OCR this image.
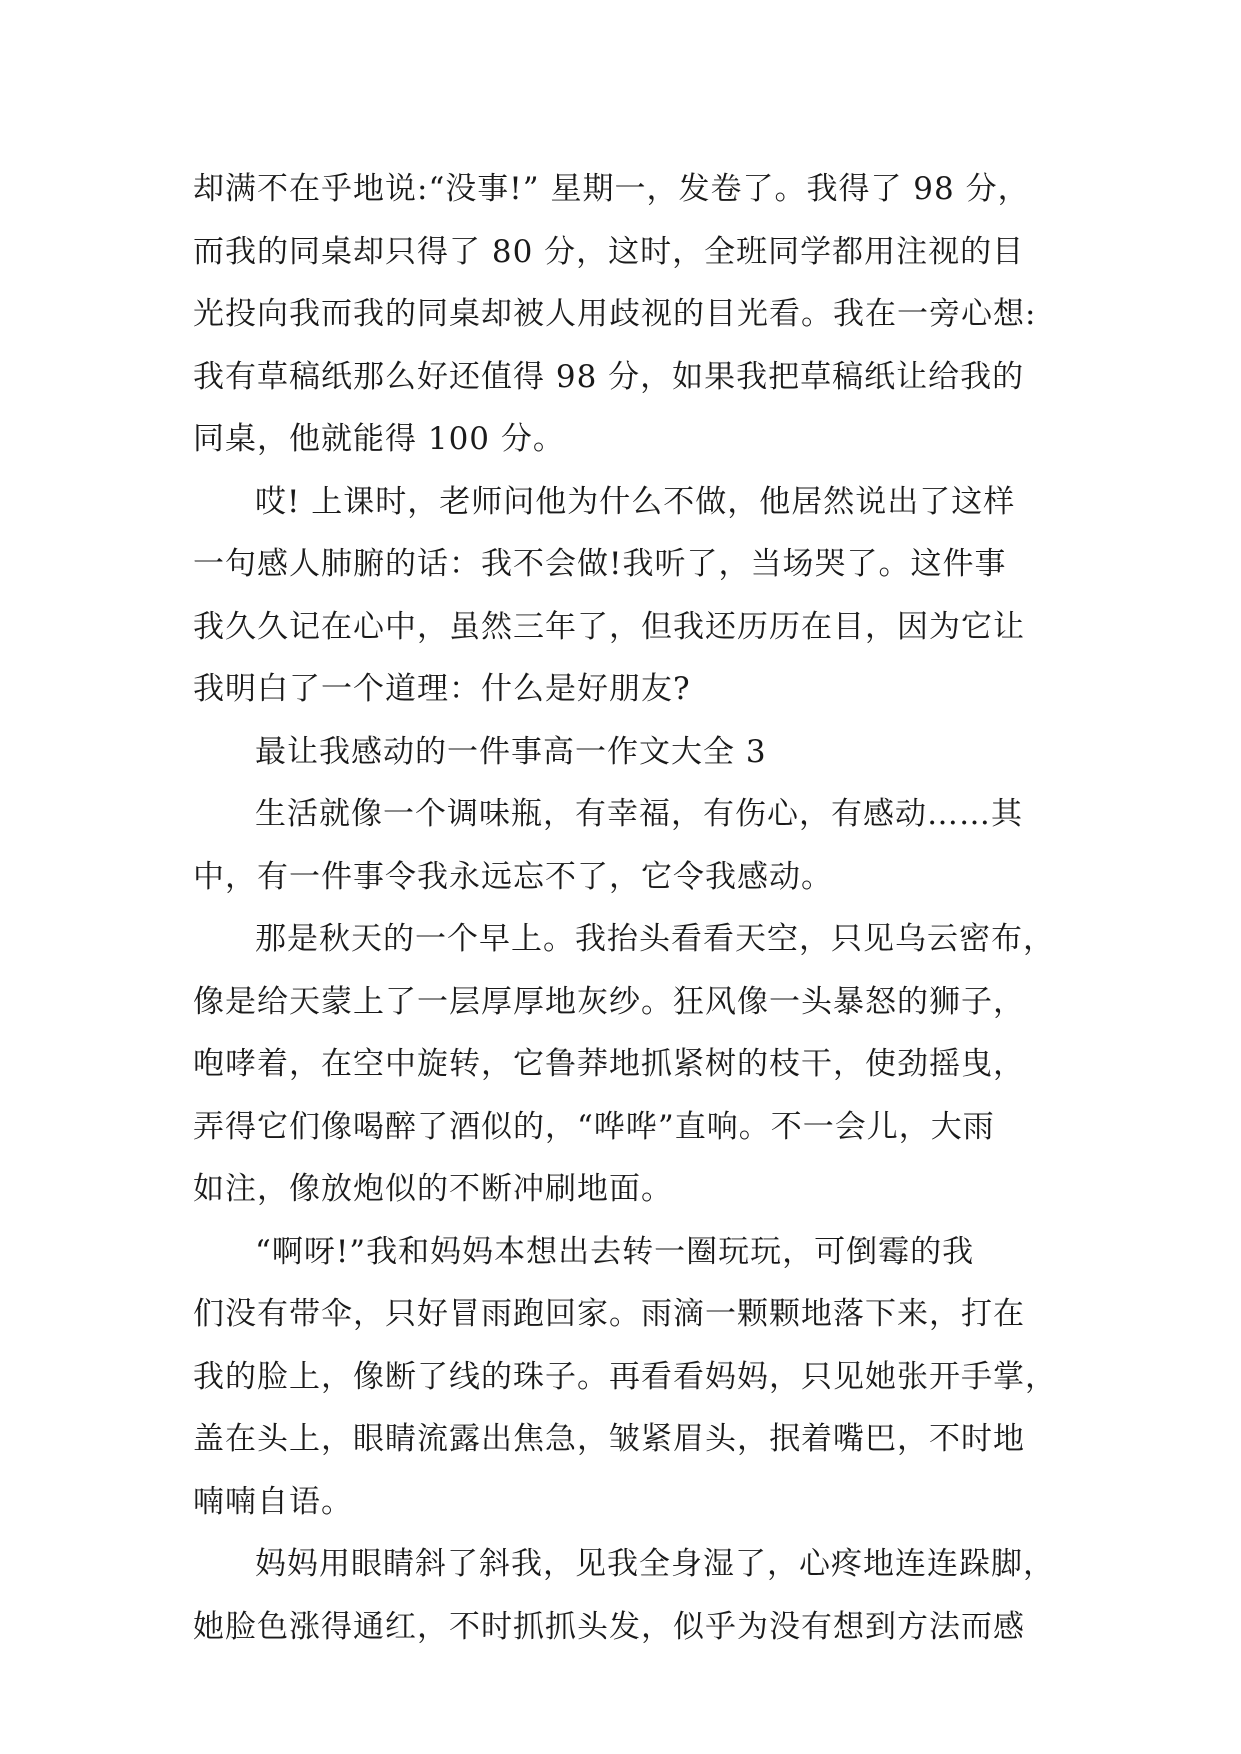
却满不在乎地说:“没事!” 星期一，发卷了。我得了 98 分，
而我的同桌却只得了 80 分，这时，全班同学都用注视的目
光投向我而我的同桌却被人用歧视的目光看。我在一旁心想:
我有草稿纸那么好还值得 98 分，如果我把草稿纸让给我的
同桌，他就能得 100 分。
哎! 上课时，老师问他为什么不做，他居然说出了这样
一句感人肺腑的话：我不会做!我听了，当场哭了。这件事
我久久记在心中，虽然三年了，但我还历历在目，因为它让
我明白了一个道理：什么是好朋友?
最让我感动的一件事高一作文大全 3
生活就像一个调味瓶，有幸福，有伤心，有感动……其
中，有一件事令我永远忘不了，它令我感动。
那是秋天的一个早上。我抬头看看天空，只见乌云密布，
像是给天蒙上了一层厚厚地灰纱。狂风像一头暴怒的狮子，
咆哮着，在空中旋转，它鲁莽地抓紧树的枝干，使劲摇曳，
弄得它们像喝醉了酒似的，“哗哗”直响。不一会儿，大雨
如注，像放炮似的不断冲刷地面。
“啊呀!”我和妈妈本想出去转一圈玩玩，可倒霉的我
们没有带伞，只好冒雨跑回家。雨滴一颗颗地落下来，打在
我的脸上，像断了线的珠子。再看看妈妈，只见她张开手掌，
盖在头上，眼睛流露出焦急，皱紧眉头，抿着嘴巴，不时地
喃喃自语。
妈妈用眼睛斜了斜我，见我全身湿了，心疼地连连跺脚，
她脸色涨得通红，不时抓抓头发，似乎为没有想到方法而感
